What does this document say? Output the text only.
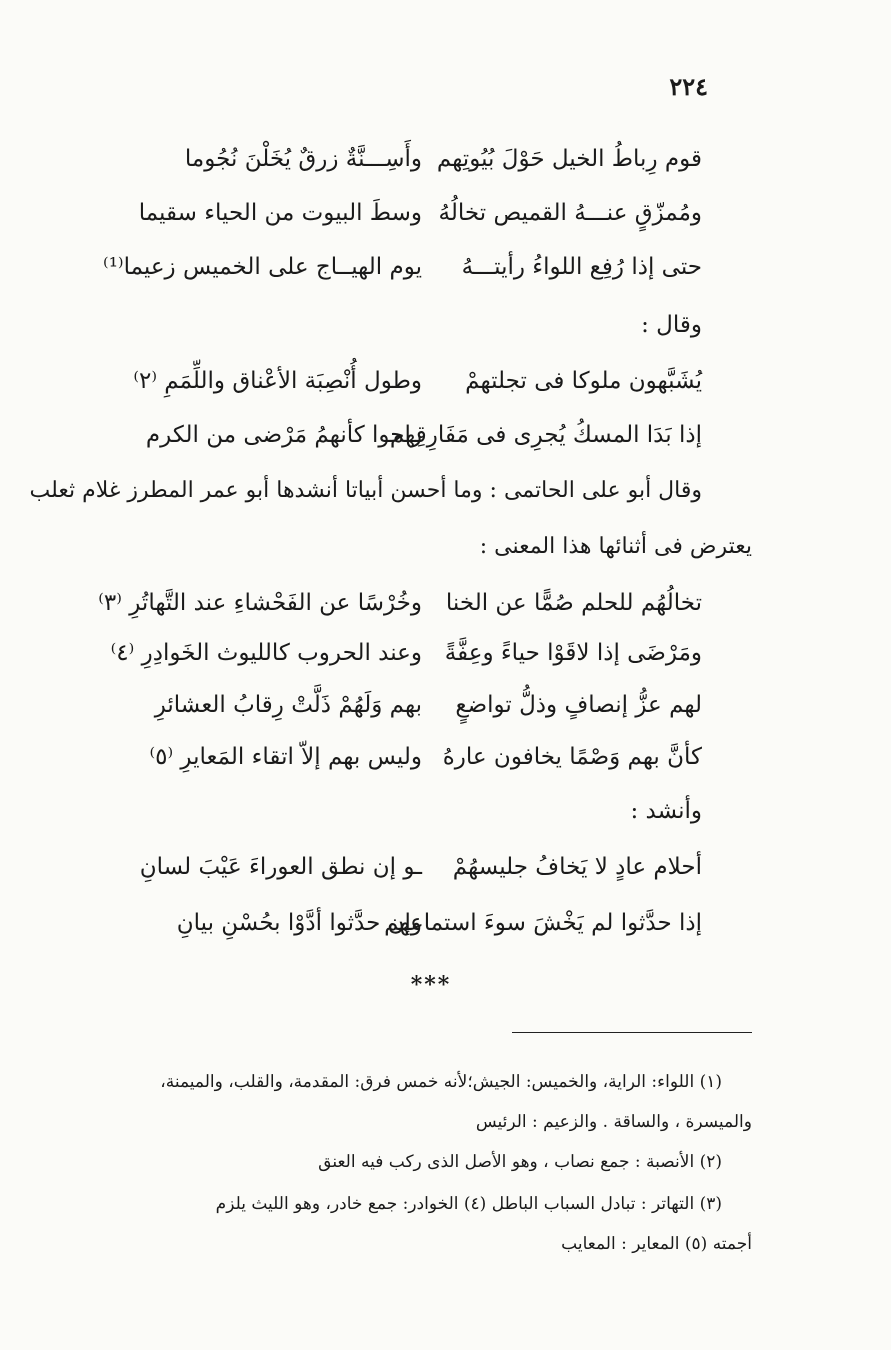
٢٢٤
قوم رِباطُ الخيل حَوْلَ بُيُوتِهم
وأَسِـــنَّةٌ زرقٌ يُخَلْنَ نُجُوما
ومُمزّقٍ عنـــهُ القميص تخالُهُ
وسطَ البيوت من الحياء سقيما
حتى إذا رُفِع اللواءُ رأيتـــهُ
يوم الهيــاج على الخميس زعيما⁽¹⁾
وقال :
يُشَبَّهون ملوكا فى تجلتهمْ
وطول أُنْصِبَة الأعْناق واللِّمَمِ ⁽٢⁾
إذا بَدَا المسكُ يُجرِى فى مَفَارِقِهم
راحوا كأنهمُ مَرْضى من الكرم
وقال أبو على الحاتمى : وما أحسن أبياتا أنشدها أبو عمر المطرز غلام ثعلب
يعترض فى أثنائها هذا المعنى :
تخالُهُم للحلم صُمًّا عن الخنا
وخُرْسًا عن الفَحْشاءِ عند التَّهاتُرِ ⁽٣⁾
ومَرْضَى إذا لاقَوْا حياءً وعِفَّةً
وعند الحروب كالليوث الخَوادِرِ ⁽٤⁾
لهم عزُّ إنصافٍ وذلُّ تواضعٍ
بهم وَلَهُمْ ذَلَّتْ رِقابُ العشائرِ
كأنَّ بهم وَصْمًا يخافون عارهُ
وليس بهم إلاّ اتقاء المَعايرِ ⁽٥⁾
وأنشد :
أحلام عادٍ لا يَخافُ جليسهُمْ
ـو إن نطق العوراءَ عَيْبَ لسانِ
إذا حدَّثوا لم يَخْشَ سوءَ استماعهم
وإن حدَّثوا أدَّوْا بحُسْنِ بيانِ
***
(١) اللواء: الراية، والخميس: الجيش؛لأنه خمس فرق: المقدمة، والقلب، والميمنة،
والميسرة ، والساقة . والزعيم : الرئيس
(٢) الأنصبة : جمع نصاب ، وهو الأصل الذى ركب فيه العنق
(٣) التهاتر : تبادل السباب الباطل (٤) الخوادر: جمع خادر، وهو الليث يلزم
أجمته (٥) المعاير : المعايب
